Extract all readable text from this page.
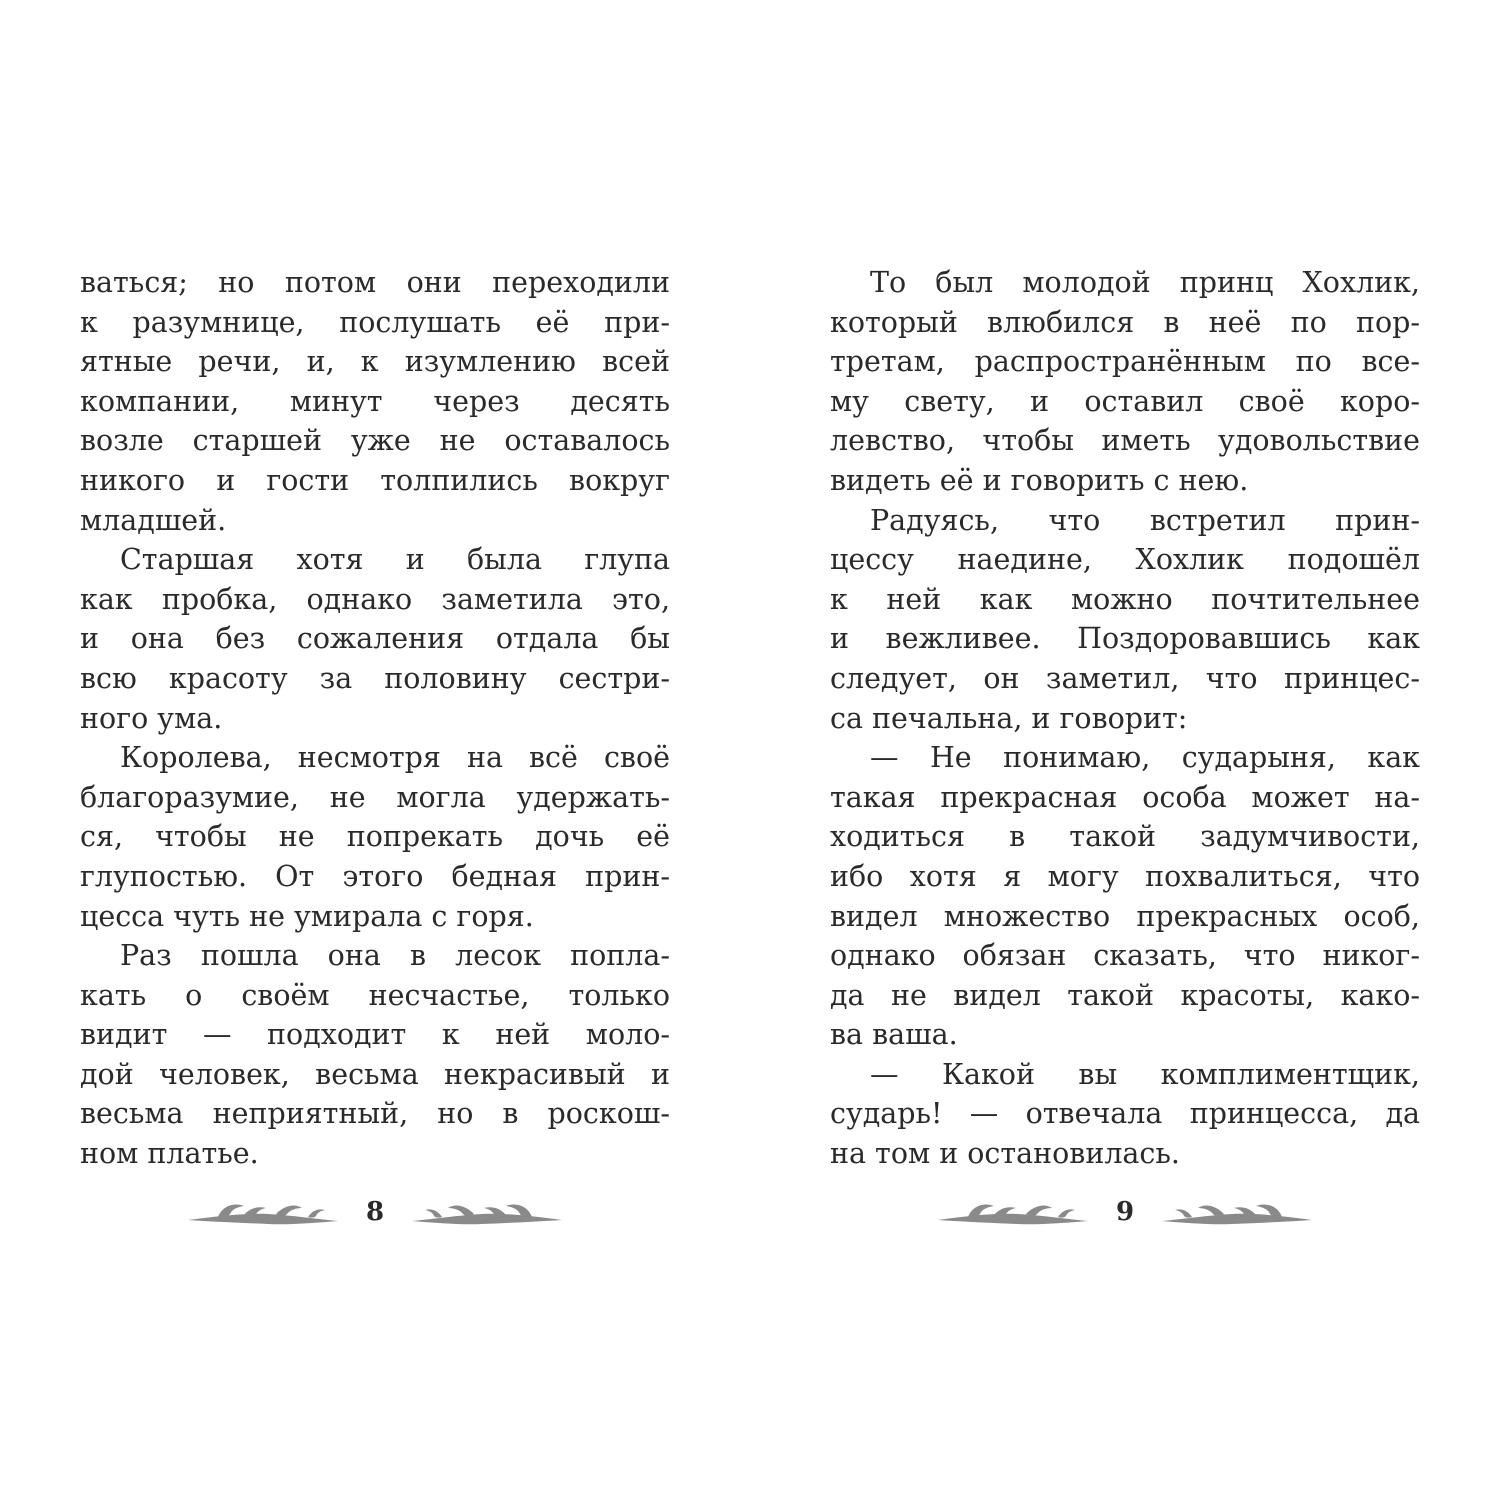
ваться; но потом они переходили
к разумнице, послушать её при-
ятные речи, и, к изумлению всей
компании, минут через десять
возле старшей уже не оставалось
никого и гости толпились вокруг
младшей.
Старшая хотя и была глупа
как пробка, однако заметила это,
и она без сожаления отдала бы
всю красоту за половину сестри-
ного ума.
Королева, несмотря на всё своё
благоразумие, не могла удержать-
ся, чтобы не попрекать дочь её
глупостью. От этого бедная прин-
цесса чуть не умирала с горя.
Раз пошла она в лесок попла-
кать о своём несчастье, только
видит — подходит к ней моло-
дой человек, весьма некрасивый и
весьма неприятный, но в роскош-
ном платье.
То был молодой принц Хохлик,
который влюбился в неё по пор-
третам, распространённым по все-
му свету, и оставил своё коро-
левство, чтобы иметь удовольствие
видеть её и говорить с нею.
Радуясь, что встретил прин-
цессу наедине, Хохлик подошёл
к ней как можно почтительнее
и вежливее. Поздоровавшись как
следует, он заметил, что принцес-
са печальна, и говорит:
— Не понимаю, сударыня, как
такая прекрасная особа может на-
ходиться в такой задумчивости,
ибо хотя я могу похвалиться, что
видел множество прекрасных особ,
однако обязан сказать, что никог-
да не видел такой красоты, како-
ва ваша.
— Какой вы комплиментщик,
сударь! — отвечала принцесса, да
на том и остановилась.
8	9
